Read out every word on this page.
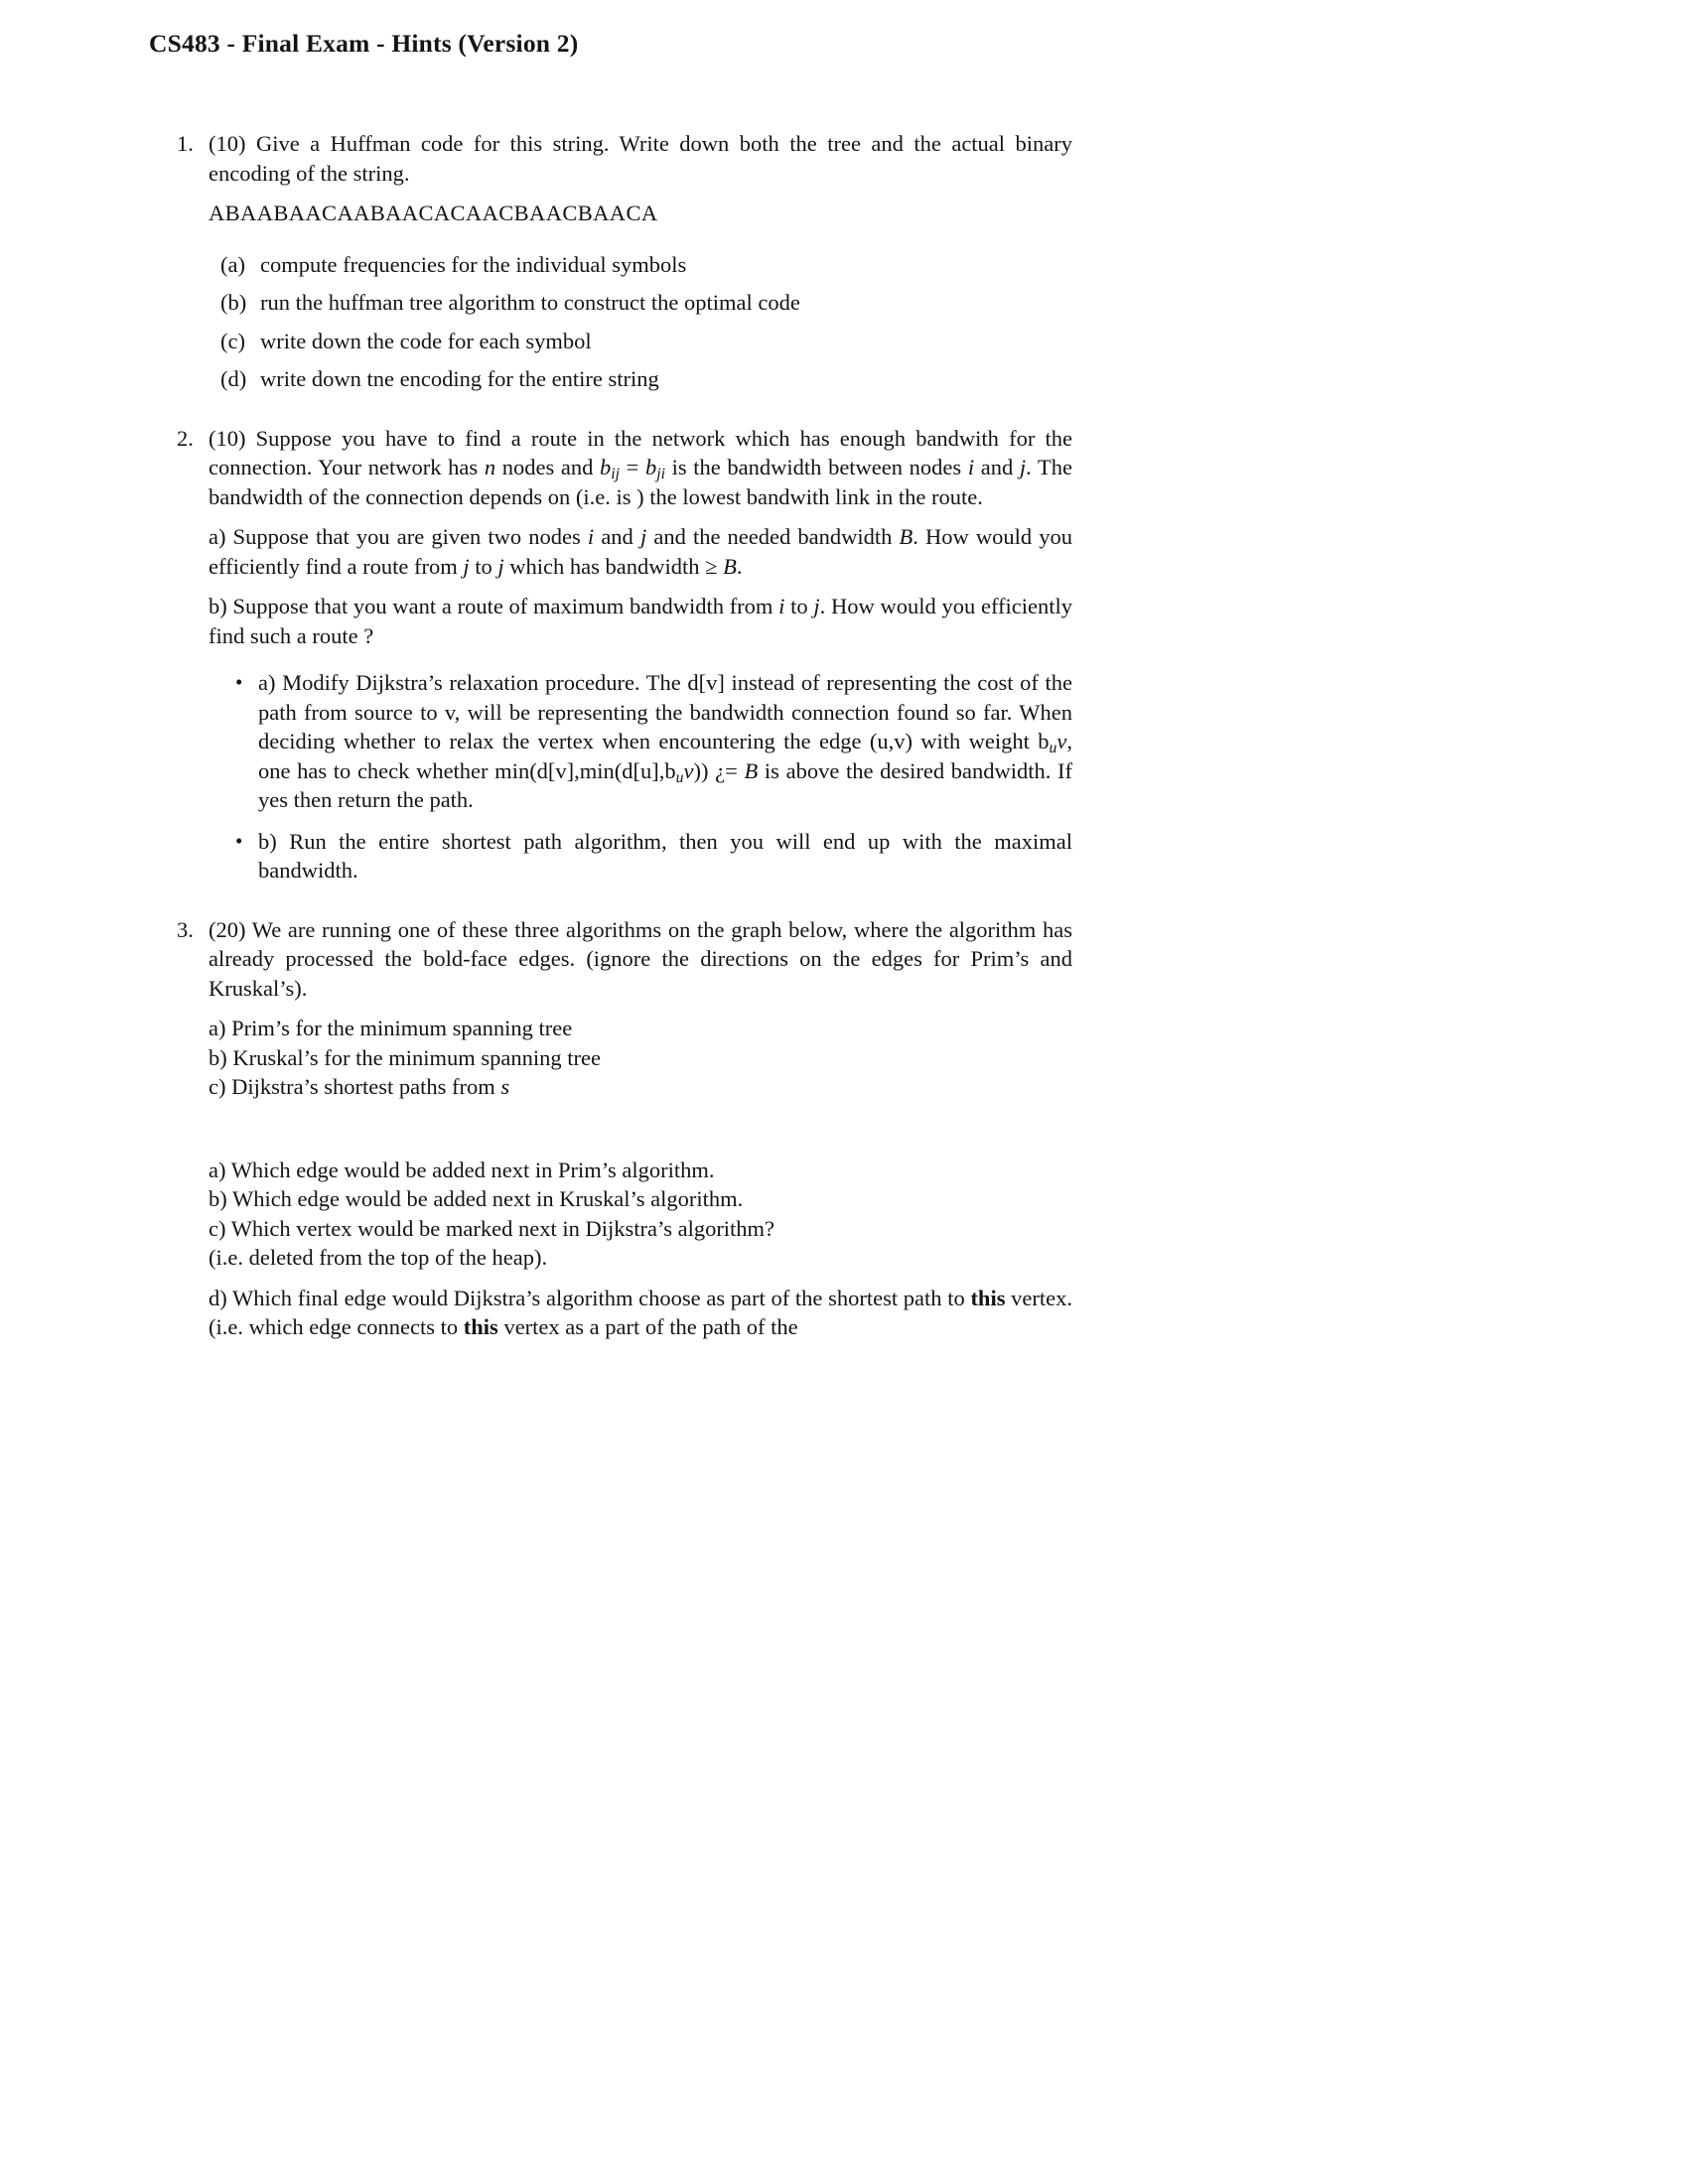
CS483 - Final Exam - Hints (Version 2)
1. (10) Give a Huffman code for this string. Write down both the tree and the actual binary encoding of the string.

ABAABAACAABAACACAACBAACBAACA

(a) compute frequencies for the individual symbols
(b) run the huffman tree algorithm to construct the optimal code
(c) write down the code for each symbol
(d) write down tne encoding for the entire string
2. (10) Suppose you have to find a route in the network which has enough bandwith for the connection. Your network has n nodes and $b_{ij} = b_{ji}$ is the bandwidth between nodes i and j. The bandwidth of the connection depends on (i.e. is ) the lowest bandwith link in the route.

a) Suppose that you are given two nodes i and j and the needed bandwidth B. How would you efficiently find a route from j to j which has bandwidth ≥ B.

b) Suppose that you want a route of maximum bandwidth from i to j. How would you efficiently find such a route ?

• a) Modify Dijkstra’s relaxation procedure. The d[v] instead of representing the cost of the path from source to v, will be representing the bandwidth connection found so far. When deciding whether to relax the vertex when encountering the edge (u,v) with weight $b_uv$, one has to check whether $\min(d[v],\min(d[u],b_uv))$ ¿= B is above the desired bandwidth. If yes then return the path.

• b) Run the entire shortest path algorithm, then you will end up with the maximal bandwidth.

3. (20) We are running one of these three algorithms on the graph below, where the algorithm has already processed the bold-face edges. (ignore the directions on the edges for Prim’s and Kruskal’s).

a) Prim’s for the minimum spanning tree

b) Kruskal’s for the minimum spanning tree

c) Dijkstra’s shortest paths from s

a) Which edge would be added next in Prim’s algorithm.

b) Which edge would be added next in Kruskal’s algorithm.

c) Which vertex would be marked next in Dijkstra’s algorithm?

(i.e. deleted from the top of the heap).

d) Which final edge would Dijkstra’s algorithm choose as part of the shortest path to this vertex. (i.e. which edge connects to this vertex as a part of the path of the
